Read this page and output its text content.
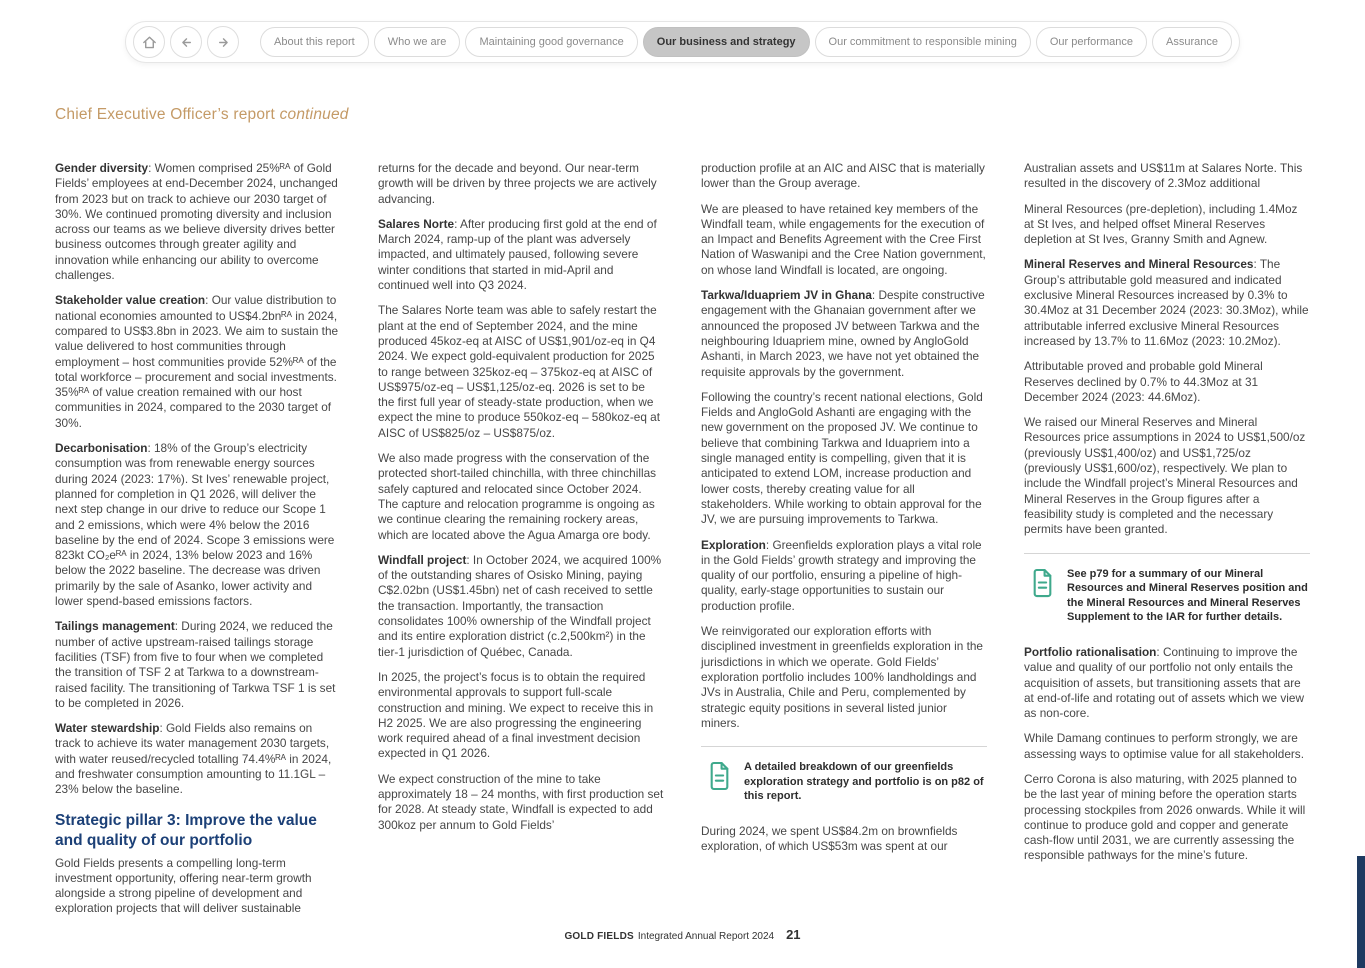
About this report	Who we are	Maintaining good governance	Our business and strategy	Our commitment to responsible mining	Our performance	Assurance
Chief Executive Officer’s report continued

Gender diversity: Women comprised 25%ᴿᴬ of Gold Fields’ employees at end-December 2024, unchanged from 2023 but on track to achieve our 2030 target of 30%. We continued promoting diversity and inclusion across our teams as we believe diversity drives better business outcomes through greater agility and innovation while enhancing our ability to overcome challenges.

Stakeholder value creation: Our value distribution to national economies amounted to US$4.2bnᴿᴬ in 2024, compared to US$3.8bn in 2023. We aim to sustain the value delivered to host communities through employment – host communities provide 52%ᴿᴬ of the total workforce – procurement and social investments. 35%ᴿᴬ of value creation remained with our host communities in 2024, compared to the 2030 target of 30%.

Decarbonisation: 18% of the Group’s electricity consumption was from renewable energy sources during 2024 (2023: 17%). St Ives’ renewable project, planned for completion in Q1 2026, will deliver the next step change in our drive to reduce our Scope 1 and 2 emissions, which were 4% below the 2016 baseline by the end of 2024. Scope 3 emissions were 823kt CO₂eᴿᴬ in 2024, 13% below 2023 and 16% below the 2022 baseline. The decrease was driven primarily by the sale of Asanko, lower activity and lower spend-based emissions factors.

Tailings management: During 2024, we reduced the number of active upstream-raised tailings storage facilities (TSF) from five to four when we completed the transition of TSF 2 at Tarkwa to a downstream-raised facility. The transitioning of Tarkwa TSF 1 is set to be completed in 2026.

Water stewardship: Gold Fields also remains on track to achieve its water management 2030 targets, with water reused/recycled totalling 74.4%ᴿᴬ in 2024, and freshwater consumption amounting to 11.1GL – 23% below the baseline.

Strategic pillar 3: Improve the value and quality of our portfolio

Gold Fields presents a compelling long-term investment opportunity, offering near-term growth alongside a strong pipeline of development and exploration projects that will deliver sustainable

returns for the decade and beyond. Our near-term growth will be driven by three projects we are actively advancing.

Salares Norte: After producing first gold at the end of March 2024, ramp-up of the plant was adversely impacted, and ultimately paused, following severe winter conditions that started in mid-April and continued well into Q3 2024.

The Salares Norte team was able to safely restart the plant at the end of September 2024, and the mine produced 45koz-eq at AISC of US$1,901/oz-eq in Q4 2024. We expect gold-equivalent production for 2025 to range between 325koz-eq – 375koz-eq at AISC of US$975/oz-eq – US$1,125/oz-eq. 2026 is set to be the first full year of steady-state production, when we expect the mine to produce 550koz-eq – 580koz-eq at AISC of US$825/oz – US$875/oz.

We also made progress with the conservation of the protected short-tailed chinchilla, with three chinchillas safely captured and relocated since October 2024. The capture and relocation programme is ongoing as we continue clearing the remaining rockery areas, which are located above the Agua Amarga ore body.

Windfall project: In October 2024, we acquired 100% of the outstanding shares of Osisko Mining, paying C$2.02bn (US$1.45bn) net of cash received to settle the transaction. Importantly, the transaction consolidates 100% ownership of the Windfall project and its entire exploration district (c.2,500km²) in the tier-1 jurisdiction of Québec, Canada.

In 2025, the project’s focus is to obtain the required environmental approvals to support full-scale construction and mining. We expect to receive this in H2 2025. We are also progressing the engineering work required ahead of a final investment decision expected in Q1 2026.

We expect construction of the mine to take approximately 18 – 24 months, with first production set for 2028. At steady state, Windfall is expected to add 300koz per annum to Gold Fields’

production profile at an AIC and AISC that is materially lower than the Group average.

We are pleased to have retained key members of the Windfall team, while engagements for the execution of an Impact and Benefits Agreement with the Cree First Nation of Waswanipi and the Cree Nation government, on whose land Windfall is located, are ongoing.

Tarkwa/Iduapriem JV in Ghana: Despite constructive engagement with the Ghanaian government after we announced the proposed JV between Tarkwa and the neighbouring Iduapriem mine, owned by AngloGold Ashanti, in March 2023, we have not yet obtained the requisite approvals by the government.

Following the country’s recent national elections, Gold Fields and AngloGold Ashanti are engaging with the new government on the proposed JV. We continue to believe that combining Tarkwa and Iduapriem into a single managed entity is compelling, given that it is anticipated to extend LOM, increase production and lower costs, thereby creating value for all stakeholders. While working to obtain approval for the JV, we are pursuing improvements to Tarkwa.

Exploration: Greenfields exploration plays a vital role in the Gold Fields’ growth strategy and improving the quality of our portfolio, ensuring a pipeline of high-quality, early-stage opportunities to sustain our production profile.

We reinvigorated our exploration efforts with disciplined investment in greenfields exploration in the jurisdictions in which we operate. Gold Fields’ exploration portfolio includes 100% landholdings and JVs in Australia, Chile and Peru, complemented by strategic equity positions in several listed junior miners.

A detailed breakdown of our greenfields exploration strategy and portfolio is on p82 of this report.

During 2024, we spent US$84.2m on brownfields exploration, of which US$53m was spent at our

Australian assets and US$11m at Salares Norte. This resulted in the discovery of 2.3Moz additional

Mineral Resources (pre-depletion), including 1.4Moz at St Ives, and helped offset Mineral Reserves depletion at St Ives, Granny Smith and Agnew.

Mineral Reserves and Mineral Resources: The Group’s attributable gold measured and indicated exclusive Mineral Resources increased by 0.3% to 30.4Moz at 31 December 2024 (2023: 30.3Moz), while attributable inferred exclusive Mineral Resources increased by 13.7% to 11.6Moz (2023: 10.2Moz).

Attributable proved and probable gold Mineral Reserves declined by 0.7% to 44.3Moz at 31 December 2024 (2023: 44.6Moz).

We raised our Mineral Reserves and Mineral Resources price assumptions in 2024 to US$1,500/oz (previously US$1,400/oz) and US$1,725/oz (previously US$1,600/oz), respectively. We plan to include the Windfall project’s Mineral Resources and Mineral Reserves in the Group figures after a feasibility study is completed and the necessary permits have been granted.

See p79 for a summary of our Mineral Resources and Mineral Reserves position and the Mineral Resources and Mineral Reserves Supplement to the IAR for further details.

Portfolio rationalisation: Continuing to improve the value and quality of our portfolio not only entails the acquisition of assets, but transitioning assets that are at end-of-life and rotating out of assets which we view as non-core.

While Damang continues to perform strongly, we are assessing ways to optimise value for all stakeholders.

Cerro Corona is also maturing, with 2025 planned to be the last year of mining before the operation starts processing stockpiles from 2026 onwards. While it will continue to produce gold and copper and generate cash-flow until 2031, we are currently assessing the responsible pathways for the mine’s future.

GOLD FIELDS Integrated Annual Report 2024 21
